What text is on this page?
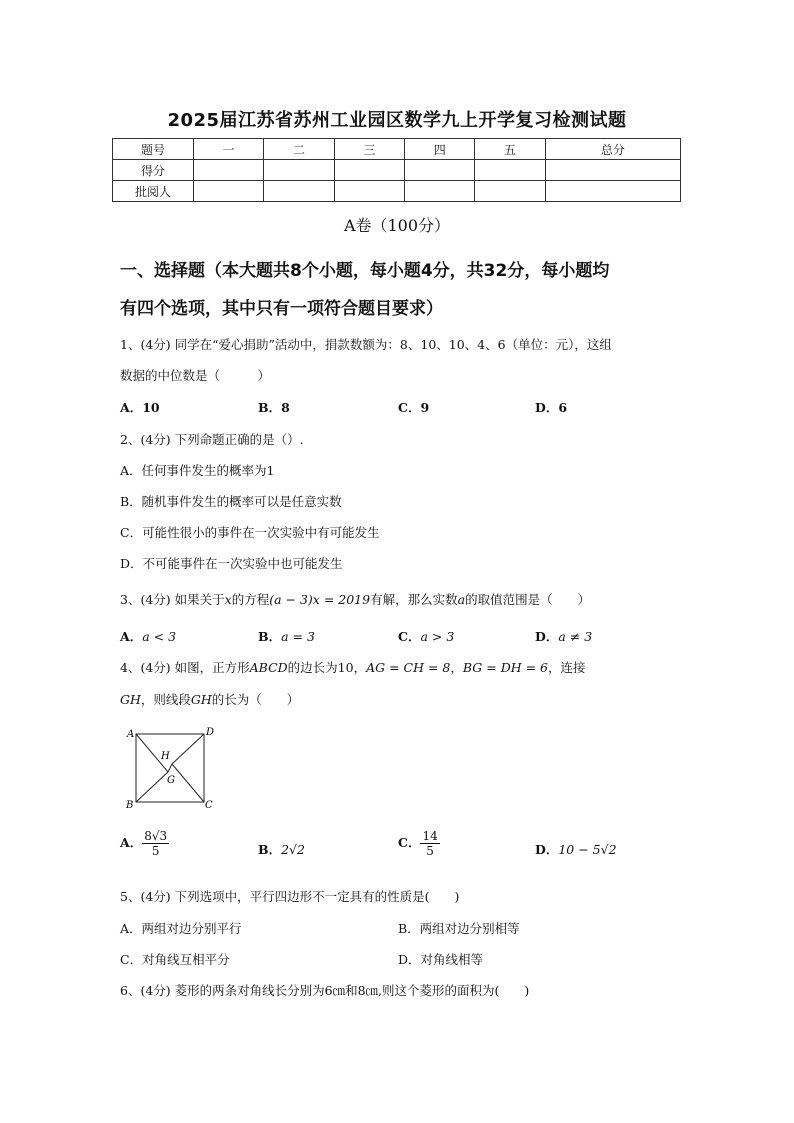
2025届江苏省苏州工业园区数学九上开学复习检测试题
题号	一	二	三	四	五	总分
得分						
批阅人						
A卷（100分）
一、选择题（本大题共8个小题，每小题4分，共32分，每小题均
有四个选项，其中只有一项符合题目要求）
1、(4分) 同学在“爱心捐助”活动中，捐款数额为：8、10、10、4、6（单位：元），这组
数据的中位数是（　　　）
A．10	B．8	C．9	D．6
2、(4分) 下列命题正确的是（）.
A．任何事件发生的概率为1
B．随机事件发生的概率可以是任意实数
C．可能性很小的事件在一次实验中有可能发生
D．不可能事件在一次实验中也可能发生
3、(4分) 如果关于x的方程(a − 3)x = 2019有解，那么实数a的取值范围是（　　）
A．a < 3	B．a = 3	C．a > 3	D．a ≠ 3
4、(4分) 如图，正方形ABCD的边长为10，AG = CH = 8，BG = DH = 6，连接
GH，则线段GH的长为（　　）
A	D
B	C
H
G
A． $\frac{8√3}{5}$	B．2√2	C． $\frac{14}{5}$	D．10 − 5√2
5、(4分) 下列选项中，平行四边形不一定具有的性质是(　　)
A．两组对边分别平行	B．两组对边分别相等
C．对角线互相平分	D．对角线相等
6、(4分) 菱形的两条对角线长分别为6㎝和8㎝,则这个菱形的面积为(　　)
